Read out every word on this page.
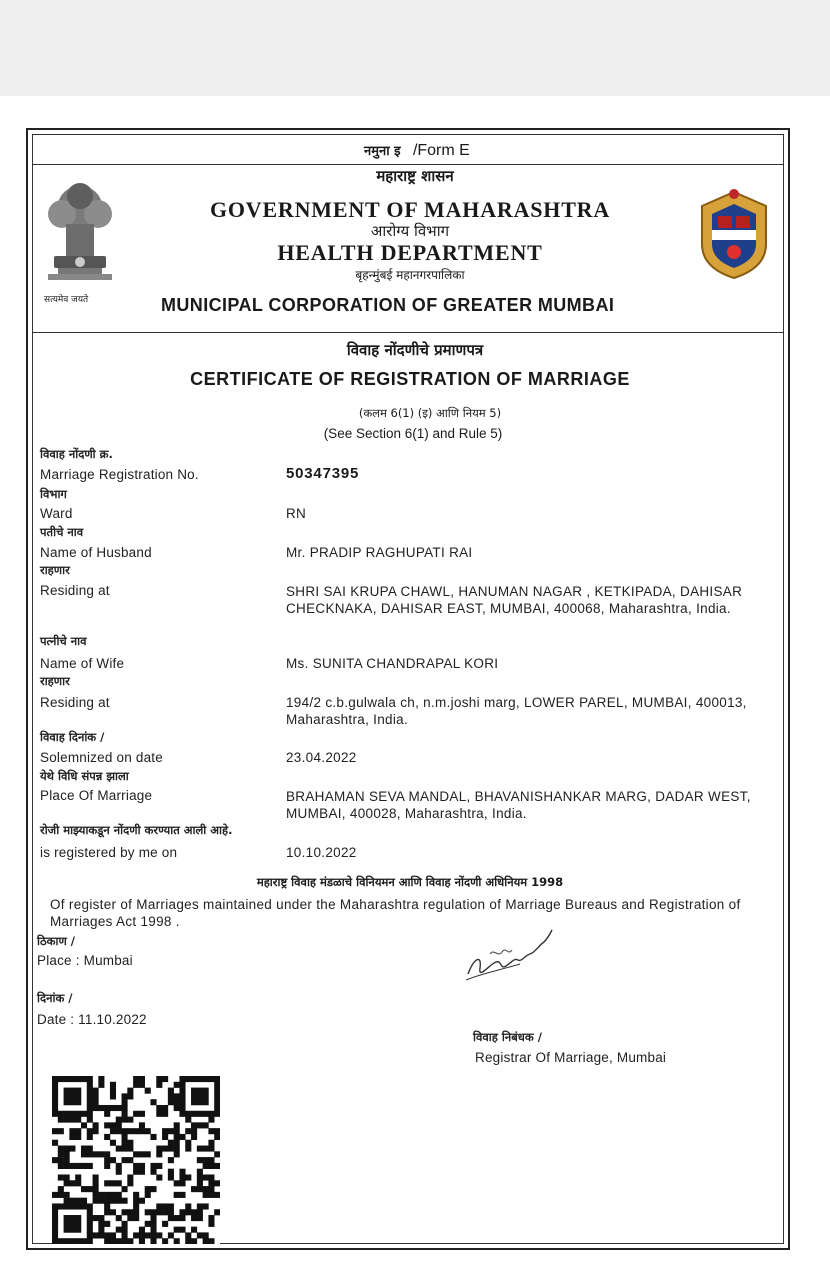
नमुना इ /Form E
सत्यमेव जयते
महाराष्ट्र शासन
GOVERNMENT OF MAHARASHTRA
आरोग्य विभाग
HEALTH DEPARTMENT
बृहन्मुंबई महानगरपालिका
MUNICIPAL CORPORATION OF GREATER MUMBAI
विवाह नोंदणीचे प्रमाणपत्र
CERTIFICATE OF REGISTRATION OF MARRIAGE
(कलम 6(1) (इ) आणि नियम 5)
(See Section 6(1) and Rule 5)
विवाह नोंदणी क्र.
Marriage Registration No.	50347395
विभाग
Ward	RN
पतीचे नाव
Name of Husband	Mr. PRADIP RAGHUPATI RAI
राहणार
Residing at	SHRI SAI KRUPA CHAWL, HANUMAN NAGAR , KETKIPADA, DAHISAR CHECKNAKA, DAHISAR EAST, MUMBAI, 400068, Maharashtra, India.
पत्नीचे नाव
Name of Wife	Ms. SUNITA CHANDRAPAL KORI
राहणार
Residing at	194/2 c.b.gulwala ch, n.m.joshi marg, LOWER PAREL, MUMBAI, 400013, Maharashtra, India.
विवाह दिनांक /
Solemnized on date	23.04.2022
येथे विधि संपन्न झाला
Place Of Marriage	BRAHAMAN SEVA MANDAL, BHAVANISHANKAR MARG, DADAR WEST, MUMBAI, 400028, Maharashtra, India.
रोजी माझ्याकडून नोंदणी करण्यात आली आहे.
is registered by me on	10.10.2022
महाराष्ट्र विवाह मंडळाचे विनियमन आणि विवाह नोंदणी अधिनियम 1998
Of register of Marriages maintained under the Maharashtra regulation of Marriage Bureaus and Registration of Marriages Act 1998 .
ठिकाण /
Place : Mumbai
दिनांक /
Date : 11.10.2022
विवाह निबंधक /
Registrar Of Marriage, Mumbai
